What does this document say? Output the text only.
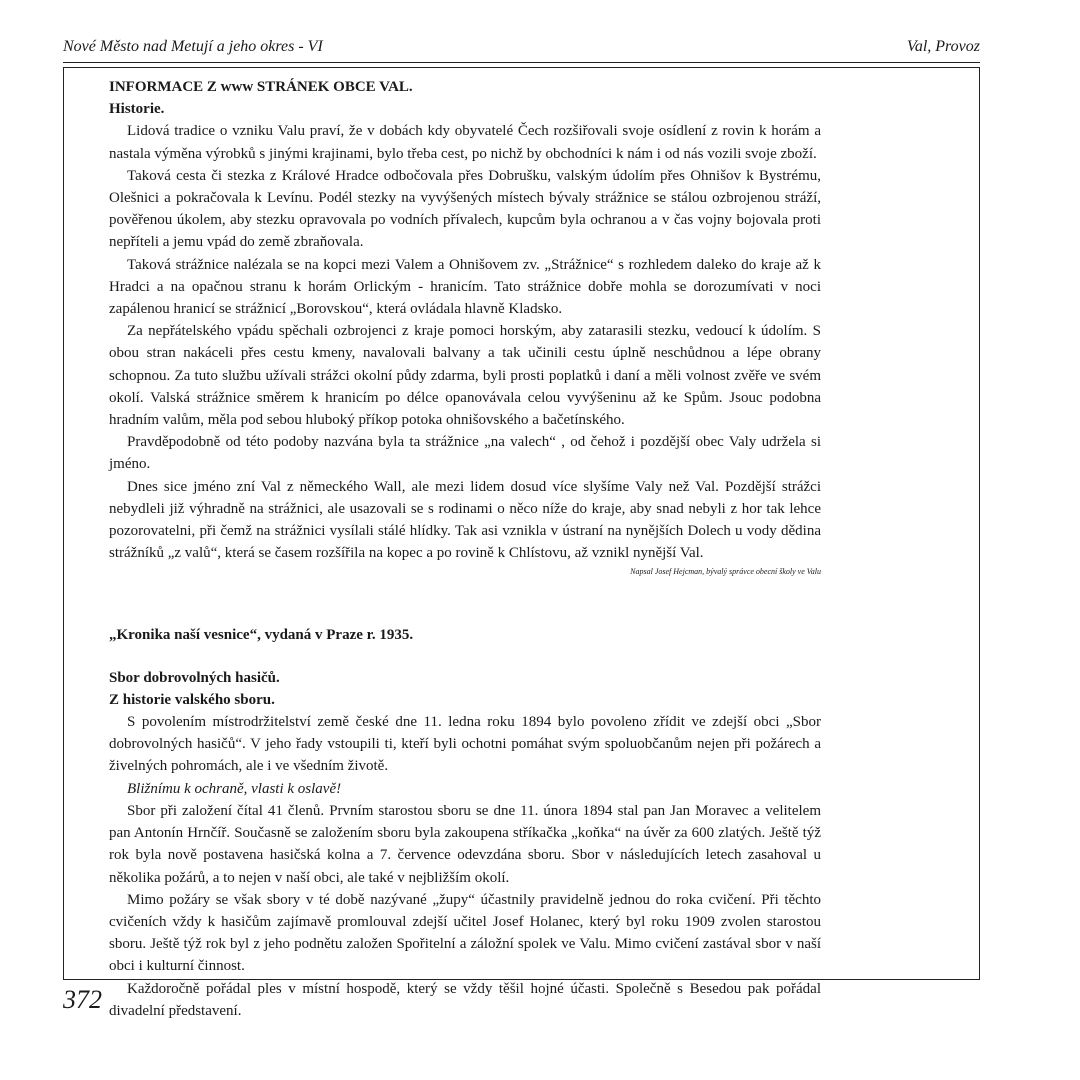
Nové Město nad Metují a jeho okres - VI	Val, Provoz

INFORMACE Z www STRÁNEK OBCE VAL.

Historie.

Lidová tradice o vzniku Valu praví, že v dobách kdy obyvatelé Čech rozšiřovali svoje osídlení z rovin k horám a nastala výměna výrobků s jinými krajinami, bylo třeba cest, po nichž by obchodníci k nám i od nás vozili svoje zboží.

Taková cesta či stezka z Králové Hradce odbočovala přes Dobrušku, valským údolím přes Ohnišov k Bystrému, Olešnici a pokračovala k Levínu. Podél stezky na vyvýšených místech bývaly strážnice se stálou ozbrojenou stráží, pověřenou úkolem, aby stezku opravovala po vodních přívalech, kupcům byla ochranou a v čas vojny bojovala proti nepříteli a jemu vpád do země zbraňovala.

Taková strážnice nalézala se na kopci mezi Valem a Ohnišovem zv. „Strážnice“ s rozhledem daleko do kraje až k Hradci a na opačnou stranu k horám Orlickým - hranicím. Tato strážnice dobře mohla se dorozumívati v noci zapálenou hranicí se strážnicí „Borovskou“, která ovládala hlavně Kladsko.

Za nepřátelského vpádu spěchali ozbrojenci z kraje pomoci horským, aby zatarasili stezku, vedoucí k údolím. S obou stran nakáceli přes cestu kmeny, navalovali balvany a tak učinili cestu úplně neschůdnou a lépe obrany schopnou. Za tuto službu užívali strážci okolní půdy zdarma, byli prosti poplatků i daní a měli volnost zvěře ve svém okolí. Valská strážnice směrem k hranicím po délce opanovávala celou vyvýšeninu až ke Spům. Jsouc podobna hradním valům, měla pod sebou hluboký příkop potoka ohnišovského a bačetínského.

Pravděpodobně od této podoby nazvána byla ta strážnice „na valech“ , od čehož i pozdější obec Valy udržela si jméno.

Dnes sice jméno zní Val z německého Wall, ale mezi lidem dosud více slyšíme Valy než Val. Pozdější strážci nebydleli již výhradně na strážnici, ale usazovali se s rodinami o něco níže do kraje, aby snad nebyli z hor tak lehce pozorovatelni, při čemž na strážnici vysílali stálé hlídky. Tak asi vznikla v ústraní na nynějších Dolech u vody dědina strážníků „z valů“, která se časem rozšířila na kopec a po rovině k Chlístovu, až vznikl nynější Val.

Napsal Josef Hejcman, bývalý správce obecní školy ve Valu

„Kronika naší vesnice“, vydaná v Praze r. 1935.

Sbor dobrovolných hasičů.

Z historie valského sboru.

S povolením místrodržitelství země české dne 11. ledna roku 1894 bylo povoleno zřídit ve zdejší obci „Sbor dobrovolných hasičů“. V jeho řady vstoupili ti, kteří byli ochotni pomáhat svým spoluobčanům nejen při požárech a živelných pohromách, ale i ve všedním životě.

Bližnímu k ochraně, vlasti k oslavě!

Sbor při založení čítal 41 členů. Prvním starostou sboru se dne 11. února 1894 stal pan Jan Moravec a velitelem pan Antonín Hrnčíř. Současně se založením sboru byla zakoupena stříkačka „koňka“ na úvěr za 600 zlatých. Ještě týž rok byla nově postavena hasičská kolna a 7. července odevzdána sboru. Sbor v následujících letech zasahoval u několika požárů, a to nejen v naší obci, ale také v nejbližším okolí.

Mimo požáry se však sbory v té době nazývané „župy“ účastnily pravidelně jednou do roka cvičení. Při těchto cvičeních vždy k hasičům zajímavě promlouval zdejší učitel Josef Holanec, který byl roku 1909 zvolen starostou sboru. Ještě týž rok byl z jeho podnětu založen Spořitelní a záložní spolek ve Valu. Mimo cvičení zastával sbor v naší obci i kulturní činnost.

Každoročně pořádal ples v místní hospodě, který se vždy těšil hojné účasti. Společně s Besedou pak pořádal divadelní představení.

372
